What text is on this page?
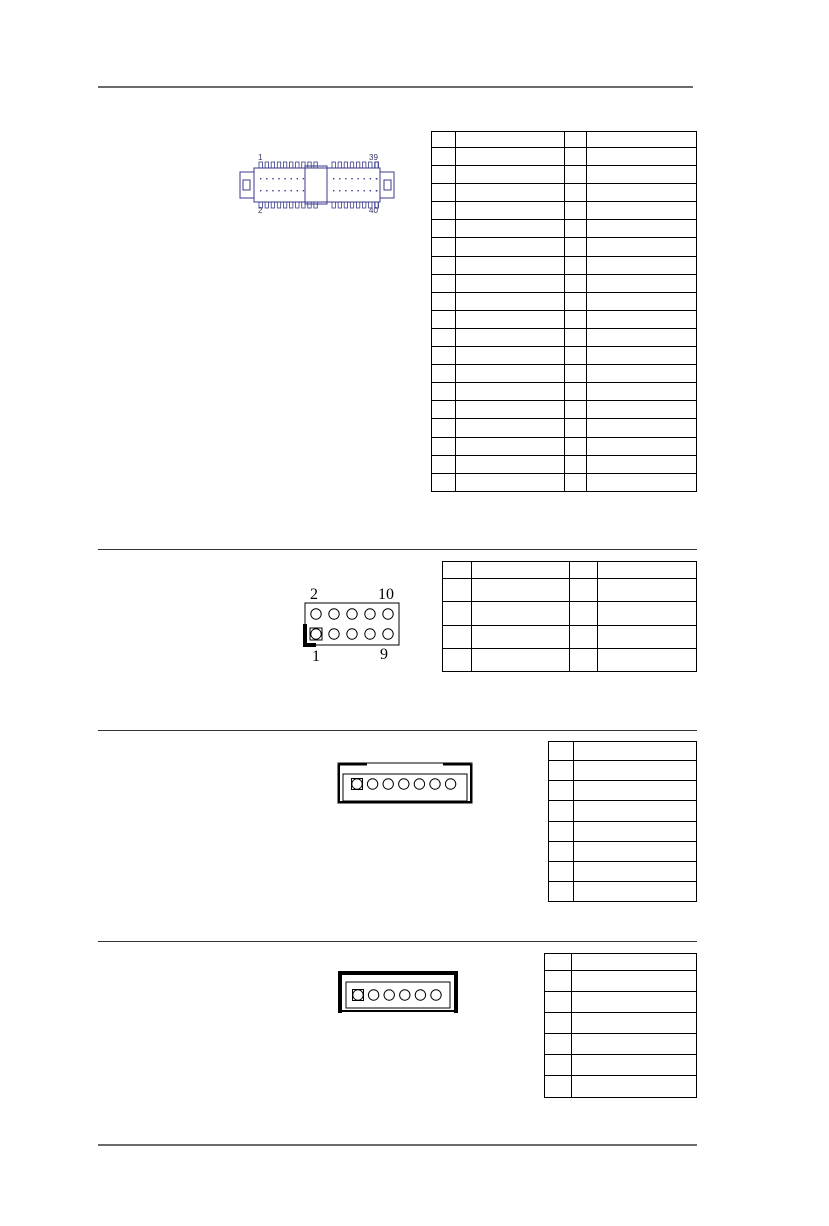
1	39
2	40

2	10
1	9
